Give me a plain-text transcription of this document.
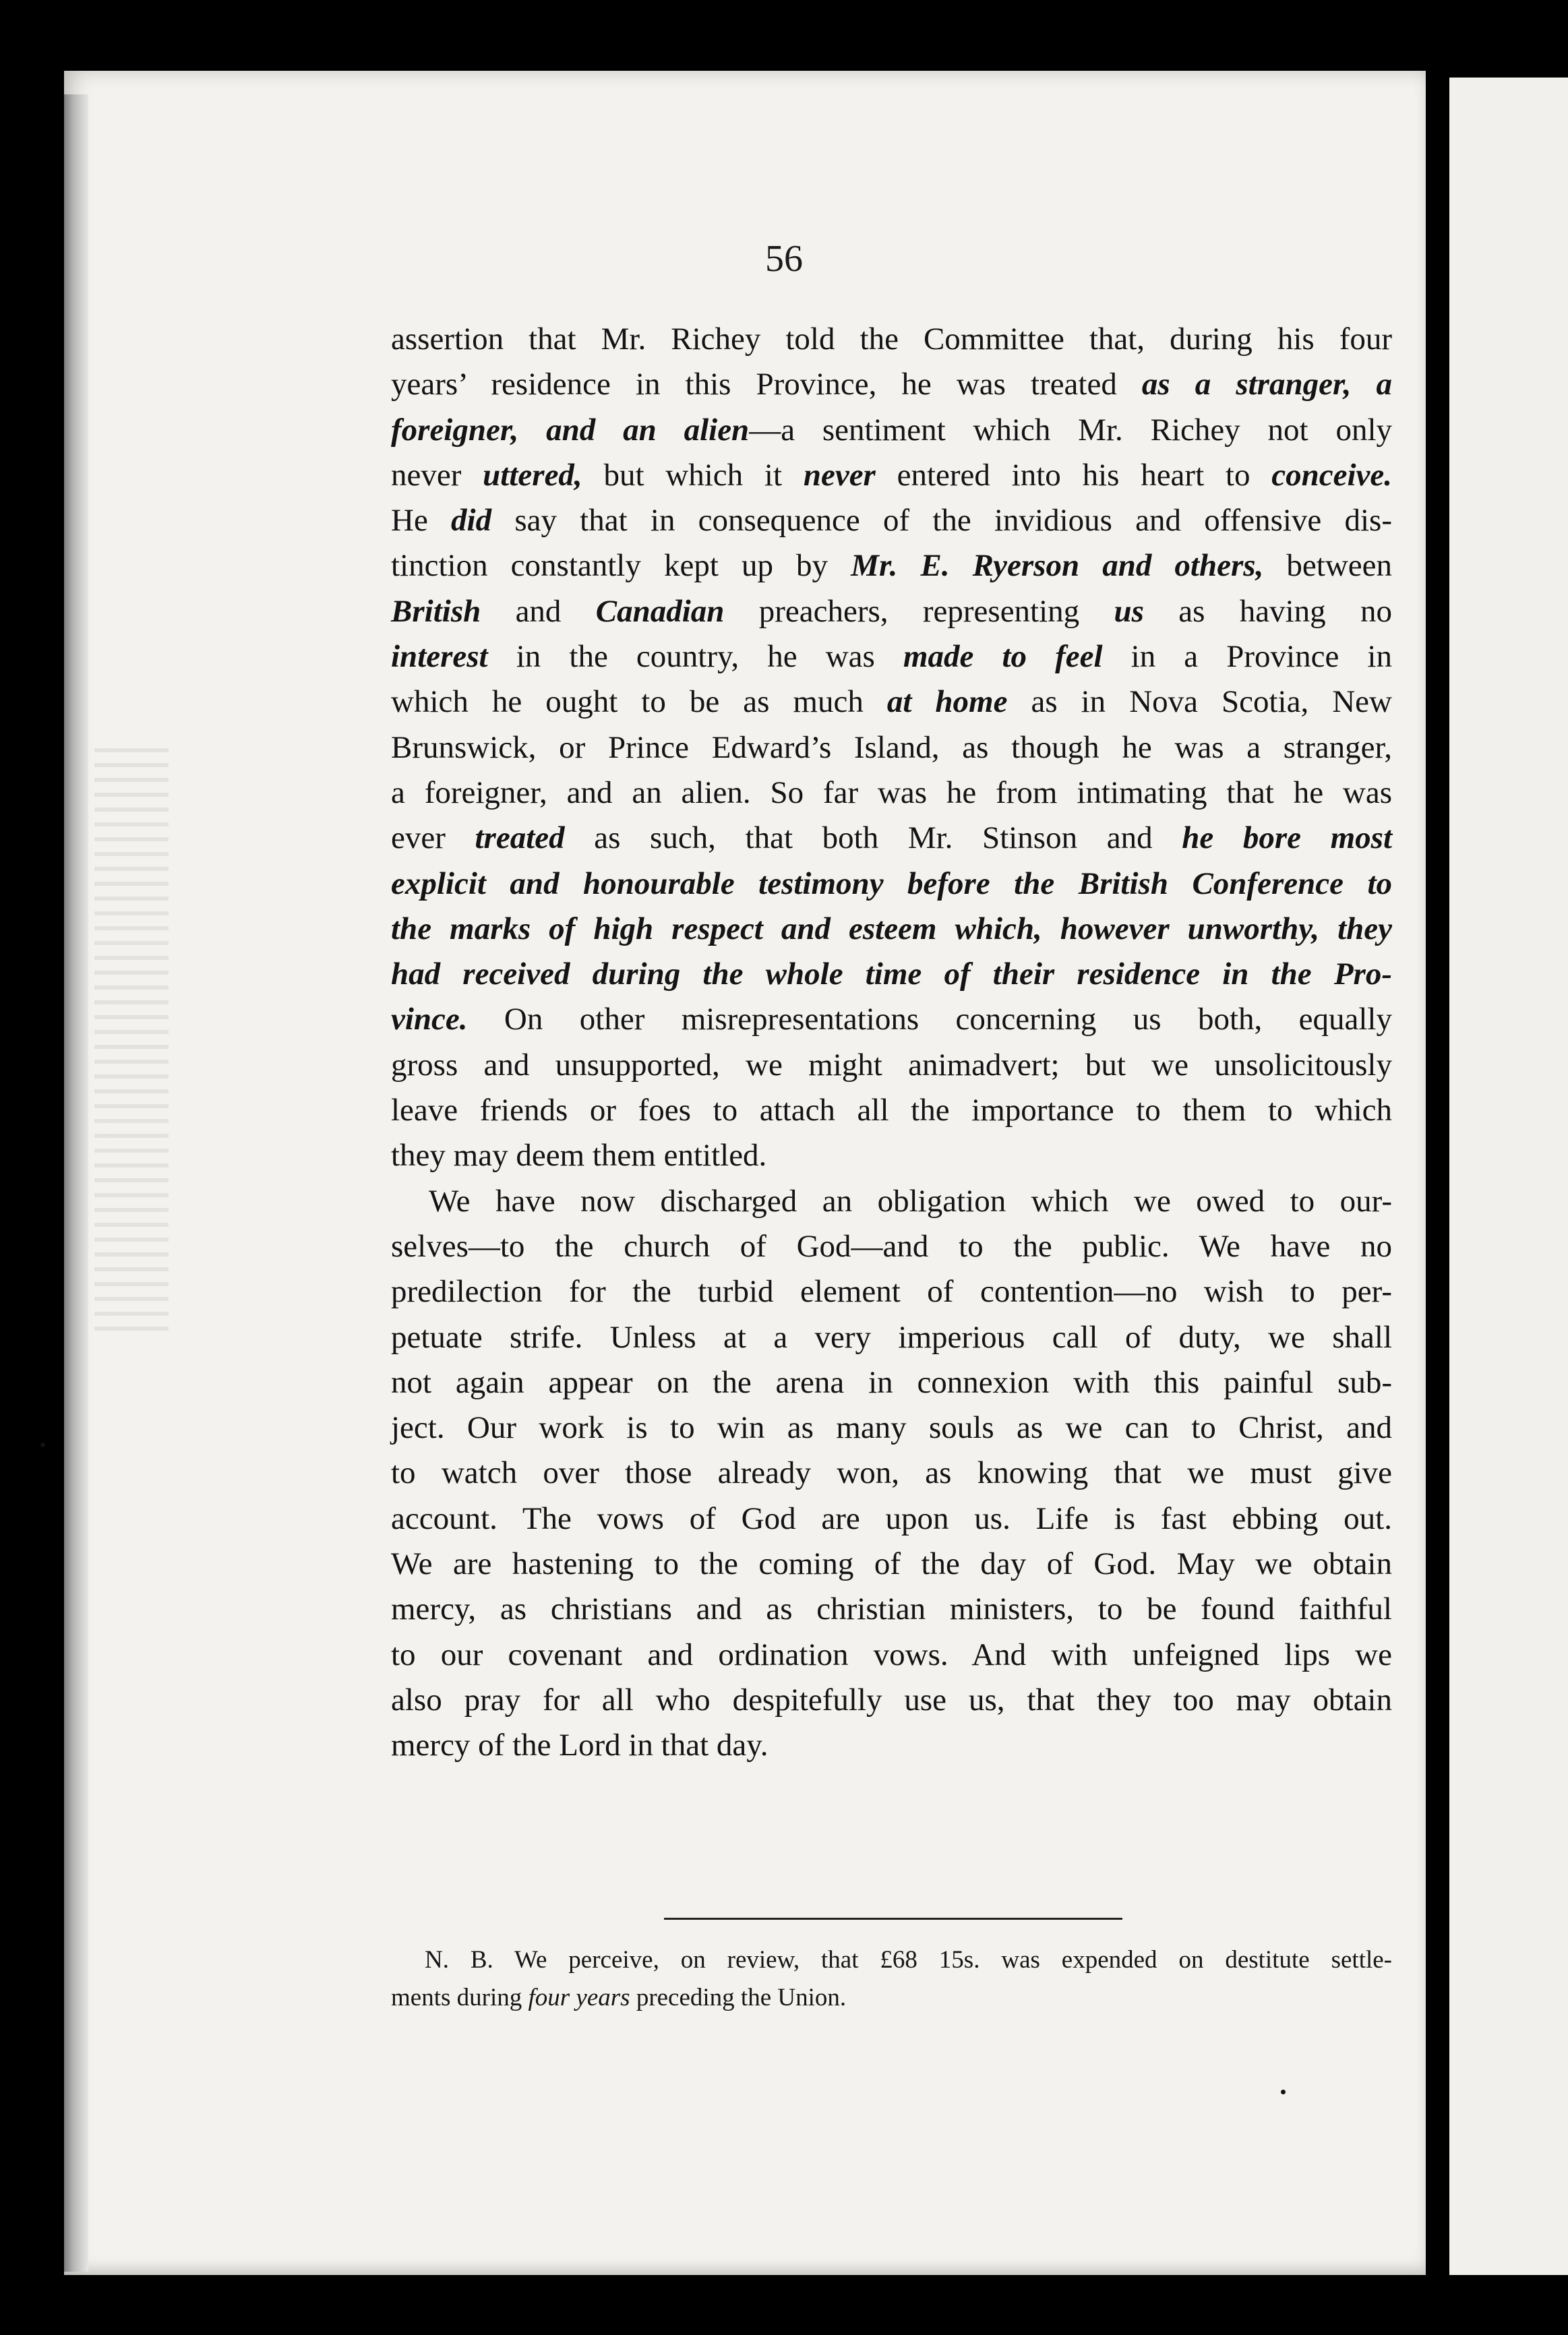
56
assertion that Mr. Richey told the Committee that, during his four
years’ residence in this Province, he was treated as a stranger, a
foreigner, and an alien—a sentiment which Mr. Richey not only
never uttered, but which it never entered into his heart to conceive.
He did say that in consequence of the invidious and offensive dis-
tinction constantly kept up by Mr. E. Ryerson and others, between
British and Canadian preachers, representing us as having no
interest in the country, he was made to feel in a Province in
which he ought to be as much at home as in Nova Scotia, New
Brunswick, or Prince Edward’s Island, as though he was a stranger,
a foreigner, and an alien. So far was he from intimating that he was
ever treated as such, that both Mr. Stinson and he bore most
explicit and honourable testimony before the British Conference to
the marks of high respect and esteem which, however unworthy, they
had received during the whole time of their residence in the Pro-
vince. On other misrepresentations concerning us both, equally
gross and unsupported, we might animadvert; but we unsolicitously
leave friends or foes to attach all the importance to them to which
they may deem them entitled.
We have now discharged an obligation which we owed to our-
selves—to the church of God—and to the public. We have no
predilection for the turbid element of contention—no wish to per-
petuate strife. Unless at a very imperious call of duty, we shall
not again appear on the arena in connexion with this painful sub-
ject. Our work is to win as many souls as we can to Christ, and
to watch over those already won, as knowing that we must give
account. The vows of God are upon us. Life is fast ebbing out.
We are hastening to the coming of the day of God. May we obtain
mercy, as christians and as christian ministers, to be found faithful
to our covenant and ordination vows. And with unfeigned lips we
also pray for all who despitefully use us, that they too may obtain
mercy of the Lord in that day.
N. B. We perceive, on review, that £68 15s. was expended on destitute settle-
ments during four years preceding the Union.
